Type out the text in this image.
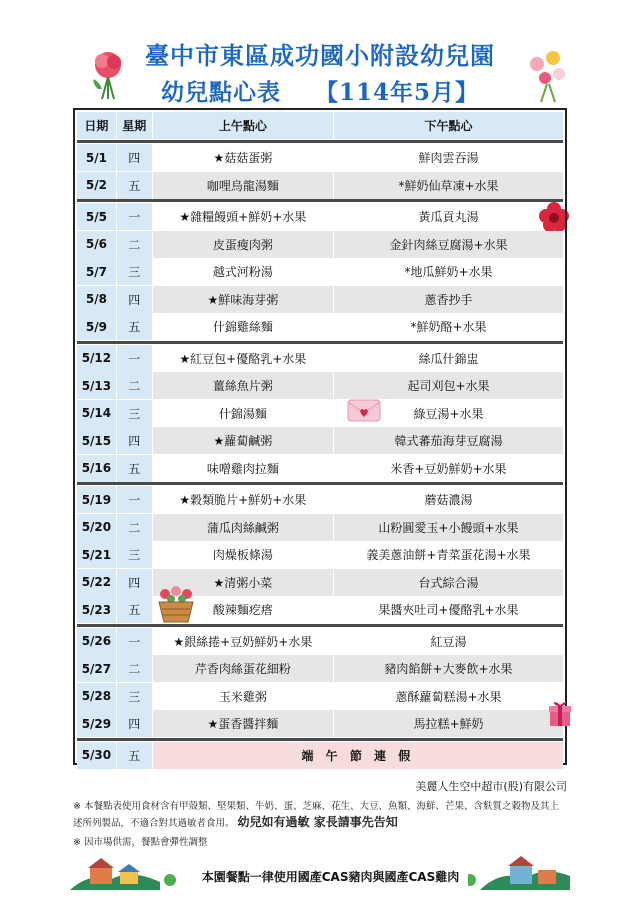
臺中市東區成功國小附設幼兒園
幼兒點心表 【114年5月】
日期	星期	上午點心	下午點心
5/1	四	★菇菇蛋粥	鮮肉雲吞湯
5/2	五	咖哩烏龍湯麵	*鮮奶仙草凍+水果
5/5	一	★雜糧饅頭+鮮奶+水果	黃瓜貢丸湯
5/6	二	皮蛋瘦肉粥	金針肉絲豆腐湯+水果
5/7	三	越式河粉湯	*地瓜鮮奶+水果
5/8	四	★鮮味海芽粥	蔥香抄手
5/9	五	什錦雞絲麵	*鮮奶酪+水果
5/12	一	★紅豆包+優酪乳+水果	絲瓜什錦盅
5/13	二	薑絲魚片粥	起司刈包+水果
5/14	三	什錦湯麵	綠豆湯+水果
5/15	四	★蘿蔔鹹粥	韓式蕃茄海芽豆腐湯
5/16	五	味噌雞肉拉麵	米香+豆奶鮮奶+水果
5/19	一	★穀類脆片+鮮奶+水果	蘑菇濃湯
5/20	二	蒲瓜肉絲鹹粥	山粉圓愛玉+小饅頭+水果
5/21	三	肉燥板條湯	義美蔥油餅+青菜蛋花湯+水果
5/22	四	★清粥小菜	台式綜合湯
5/23	五	酸辣麵疙瘩	果醬夾吐司+優酪乳+水果
5/26	一	★銀絲捲+豆奶鮮奶+水果	紅豆湯
5/27	二	芹香肉絲蛋花細粉	豬肉餡餅+大麥飲+水果
5/28	三	玉米雞粥	蔥酥蘿蔔糕湯+水果
5/29	四	★蛋香醬拌麵	馬拉糕+鮮奶
5/30	五	端 午 節 連 假
美麗人生空中超市(股)有限公司
※ 本餐點表使用食材含有甲殼類、堅果類、牛奶、蛋、芝麻、花生、大豆、魚類、海鮮、芒果、含麩質之穀物及其上
述所列製品，不適合對其過敏者食用。 幼兒如有過敏 家長請事先告知
※ 因市場供需，餐點會彈性調整
本園餐點一律使用國產CAS豬肉與國產CAS雞肉
